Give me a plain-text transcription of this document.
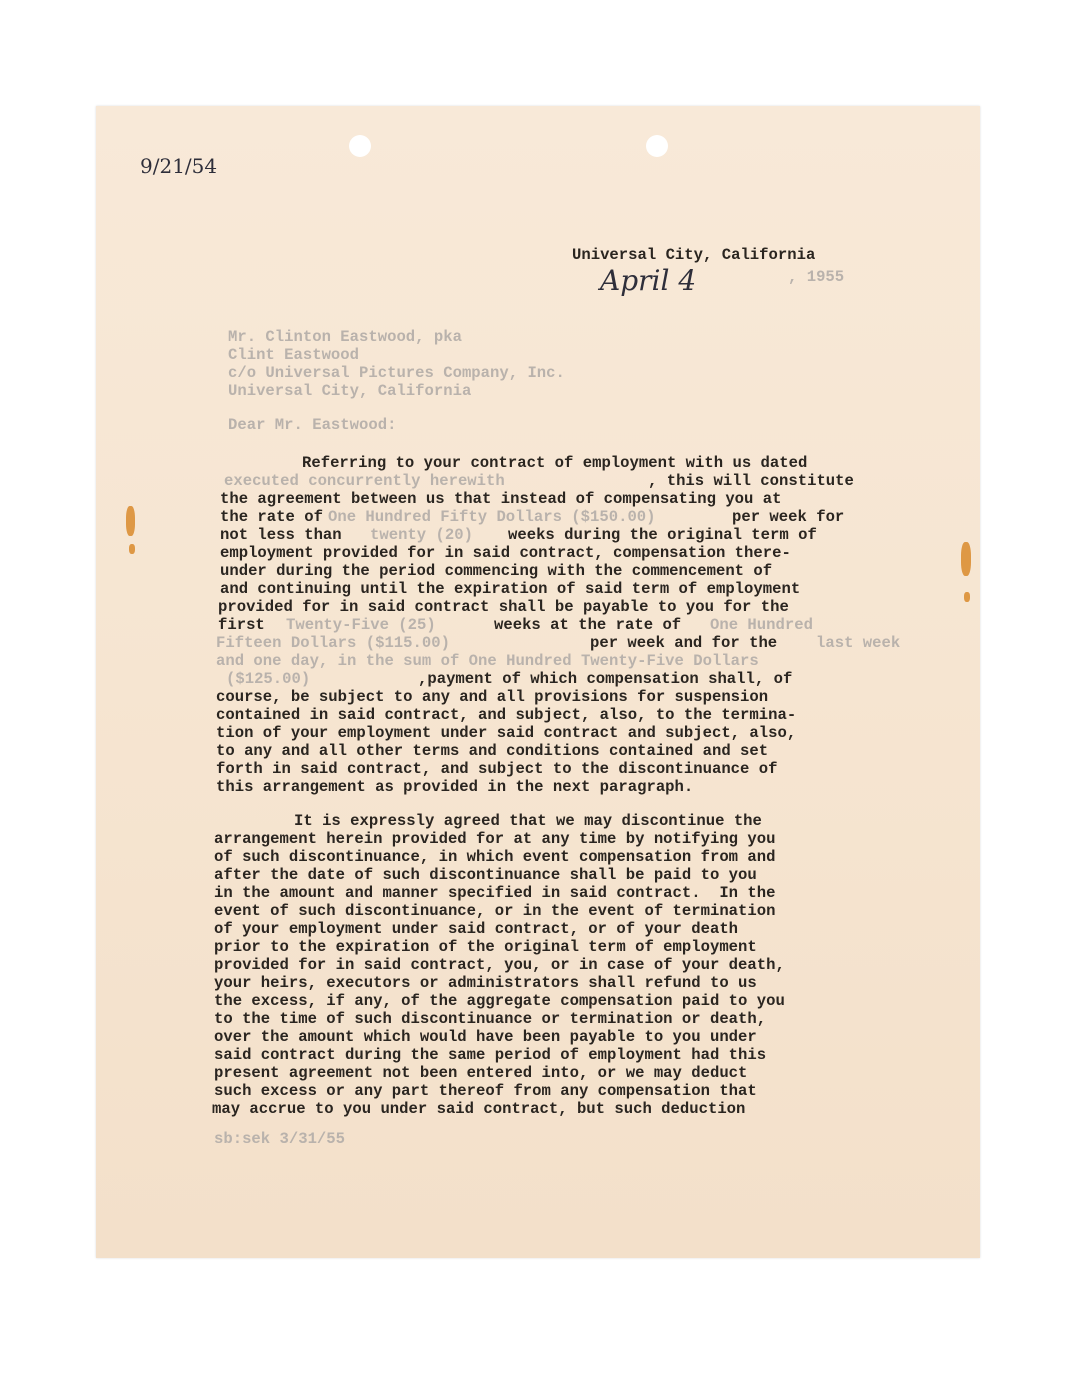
9/21/54
Universal City, California
April 4	, 1955
Mr. Clinton Eastwood, pka
Clint Eastwood
c/o Universal Pictures Company, Inc.
Universal City, California
Dear Mr. Eastwood:
Referring to your contract of employment with us dated
executed concurrently herewith	, this will constitute
the agreement between us that instead of compensating you at
the rate of One Hundred Fifty Dollars ($150.00)	per week for
not less than twenty (20) weeks during the original term of
employment provided for in said contract, compensation there-
under during the period commencing with the commencement of
and continuing until the expiration of said term of employment
provided for in said contract shall be payable to you for the
first Twenty-Five (25)	weeks at the rate of One Hundred
Fifteen Dollars ($115.00)	per week and for the last week
and one day, in the sum of One Hundred Twenty-Five Dollars
($125.00)	,payment of which compensation shall, of
course, be subject to any and all provisions for suspension
contained in said contract, and subject, also, to the termina-
tion of your employment under said contract and subject, also,
to any and all other terms and conditions contained and set
forth in said contract, and subject to the discontinuance of
this arrangement as provided in the next paragraph.
It is expressly agreed that we may discontinue the
arrangement herein provided for at any time by notifying you
of such discontinuance, in which event compensation from and
after the date of such discontinuance shall be paid to you
in the amount and manner specified in said contract.  In the
event of such discontinuance, or in the event of termination
of your employment under said contract, or of your death
prior to the expiration of the original term of employment
provided for in said contract, you, or in case of your death,
your heirs, executors or administrators shall refund to us
the excess, if any, of the aggregate compensation paid to you
to the time of such discontinuance or termination or death,
over the amount which would have been payable to you under
said contract during the same period of employment had this
present agreement not been entered into, or we may deduct
such excess or any part thereof from any compensation that
may accrue to you under said contract, but such deduction
sb:sek 3/31/55
